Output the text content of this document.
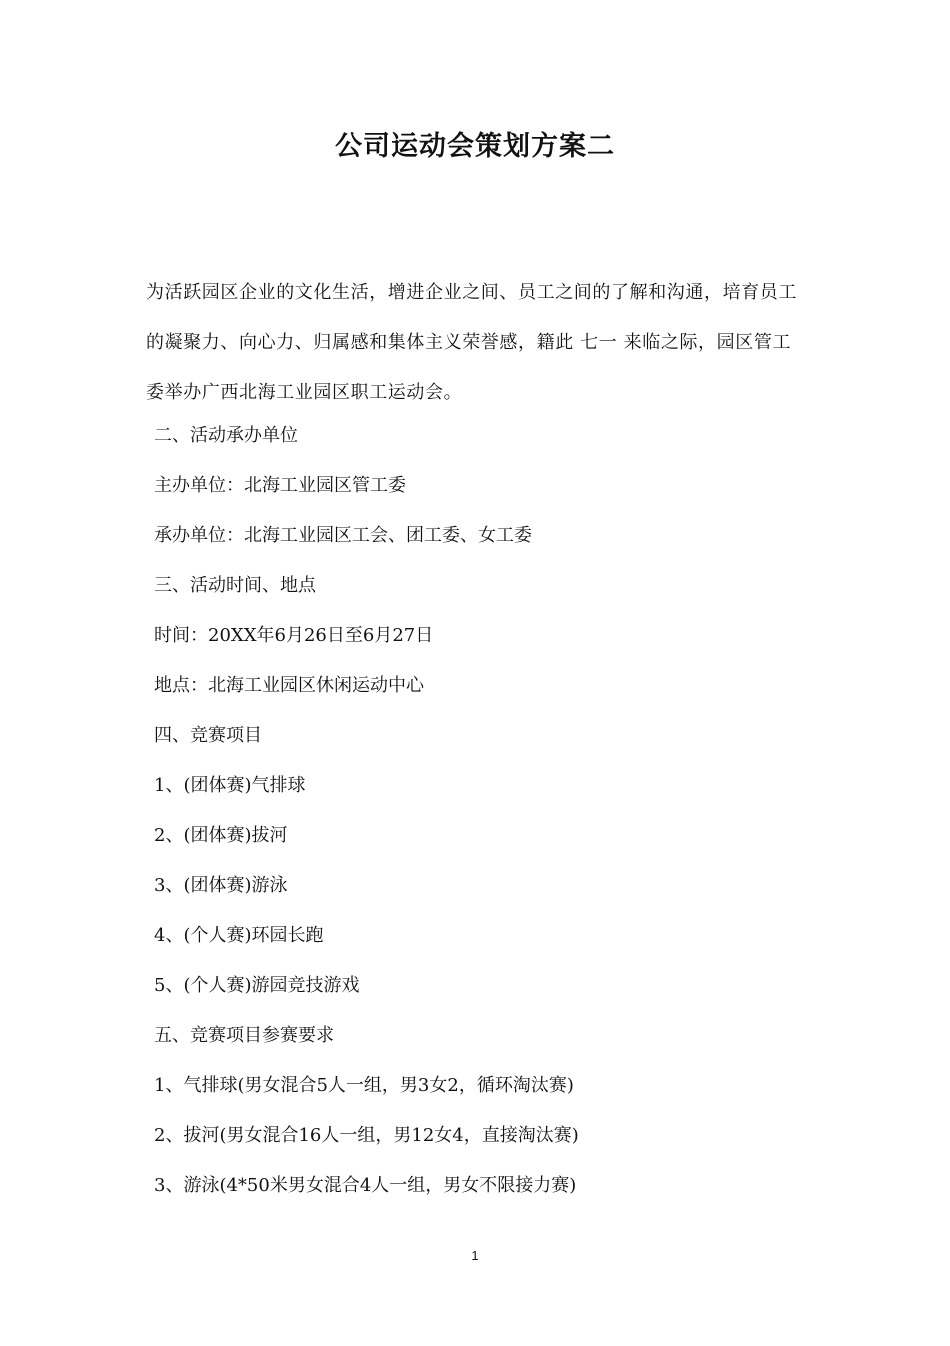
公司运动会策划方案二

为活跃园区企业的文化生活，增进企业之间、员工之间的了解和沟通，培育员工的凝聚力、向心力、归属感和集体主义荣誉感，籍此 七一 来临之际，园区管工委举办广西北海工业园区职工运动会。

二、活动承办单位
主办单位：北海工业园区管工委
承办单位：北海工业园区工会、团工委、女工委
三、活动时间、地点
时间：20XX年6月26日至6月27日
地点：北海工业园区休闲运动中心
四、竞赛项目
1、(团体赛)气排球
2、(团体赛)拔河
3、(团体赛)游泳
4、(个人赛)环园长跑
5、(个人赛)游园竞技游戏
五、竞赛项目参赛要求
1、气排球(男女混合5人一组，男3女2，循环淘汰赛)
2、拔河(男女混合16人一组，男12女4，直接淘汰赛)
3、游泳(4*50米男女混合4人一组，男女不限接力赛)
1
